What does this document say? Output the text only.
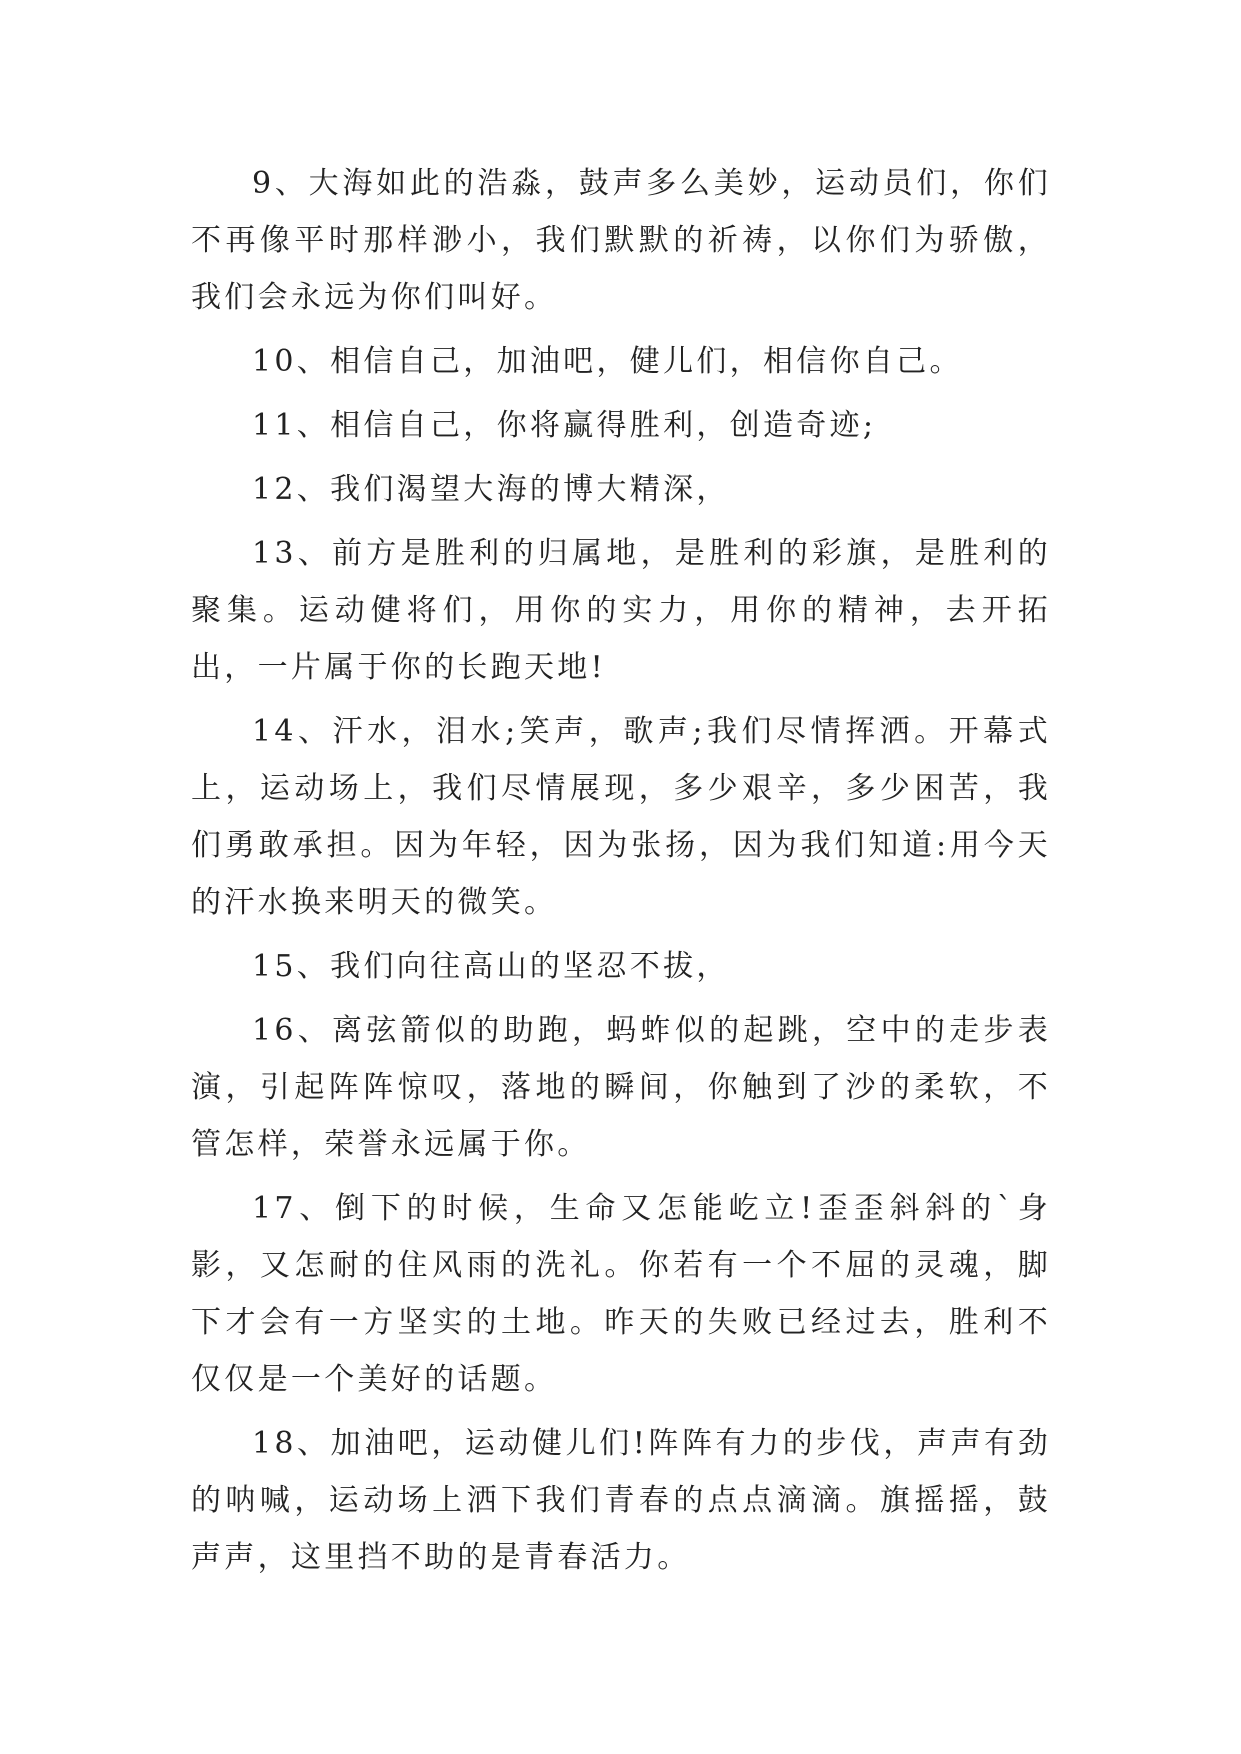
9、大海如此的浩淼，鼓声多么美妙，运动员们，你们不再像平时那样渺小，我们默默的祈祷，以你们为骄傲，我们会永远为你们叫好。

10、相信自己，加油吧，健儿们，相信你自己。

11、相信自己，你将赢得胜利，创造奇迹;

12、我们渴望大海的博大精深，

13、前方是胜利的归属地，是胜利的彩旗，是胜利的聚集。运动健将们，用你的实力，用你的精神，去开拓出，一片属于你的长跑天地!

14、汗水，泪水;笑声，歌声;我们尽情挥洒。开幕式上，运动场上，我们尽情展现，多少艰辛，多少困苦，我们勇敢承担。因为年轻，因为张扬，因为我们知道:用今天的汗水换来明天的微笑。

15、我们向往高山的坚忍不拔，

16、离弦箭似的助跑，蚂蚱似的起跳，空中的走步表演，引起阵阵惊叹，落地的瞬间，你触到了沙的柔软，不管怎样，荣誉永远属于你。

17、倒下的时候，生命又怎能屹立!歪歪斜斜的`身影，又怎耐的住风雨的洗礼。你若有一个不屈的灵魂，脚下才会有一方坚实的土地。昨天的失败已经过去，胜利不仅仅是一个美好的话题。

18、加油吧，运动健儿们!阵阵有力的步伐，声声有劲的呐喊，运动场上洒下我们青春的点点滴滴。旗摇摇，鼓声声，这里挡不助的是青春活力。
